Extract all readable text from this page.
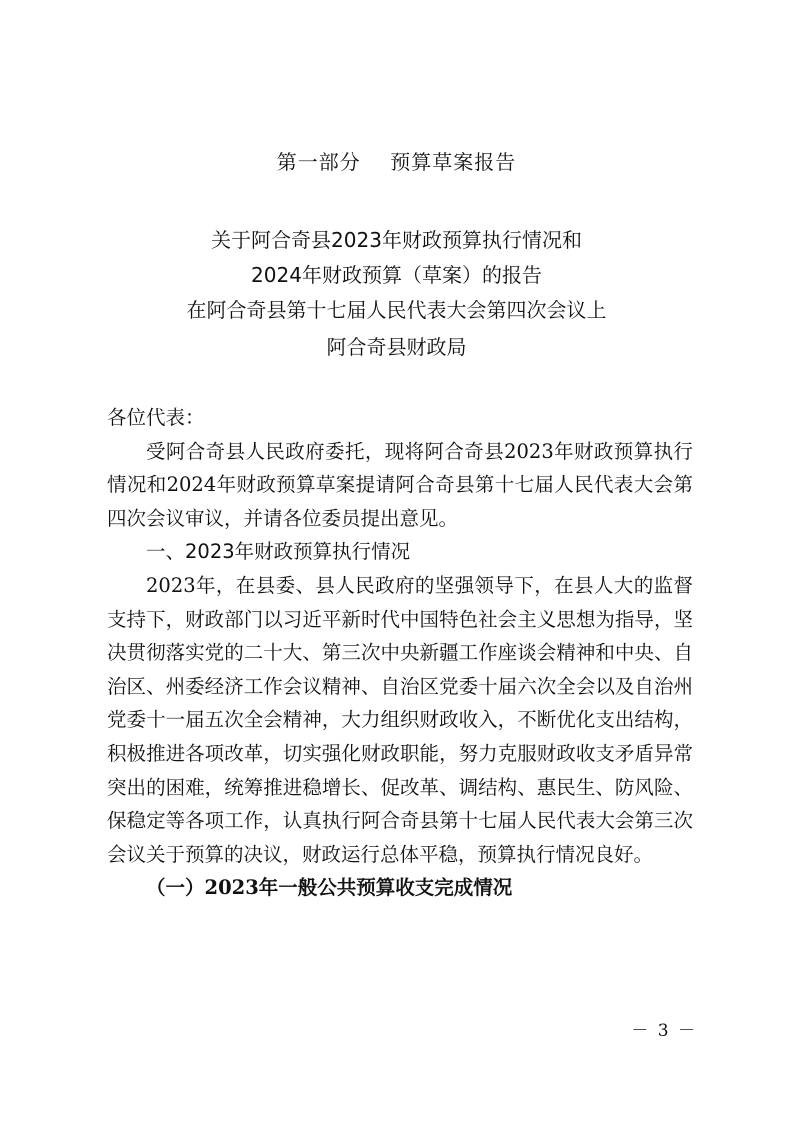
第一部分    预算草案报告
关于阿合奇县2023年财政预算执行情况和
2024年财政预算（草案）的报告
在阿合奇县第十七届人民代表大会第四次会议上
阿合奇县财政局

各位代表：

受阿合奇县人民政府委托，现将阿合奇县2023年财政预算执行情况和2024年财政预算草案提请阿合奇县第十七届人民代表大会第四次会议审议，并请各位委员提出意见。

一、2023年财政预算执行情况

2023年，在县委、县人民政府的坚强领导下，在县人大的监督支持下，财政部门以习近平新时代中国特色社会主义思想为指导，坚决贯彻落实党的二十大、第三次中央新疆工作座谈会精神和中央、自治区、州委经济工作会议精神、自治区党委十届六次全会以及自治州党委十一届五次全会精神，大力组织财政收入，不断优化支出结构，积极推进各项改革，切实强化财政职能，努力克服财政收支矛盾异常突出的困难，统筹推进稳增长、促改革、调结构、惠民生、防风险、保稳定等各项工作，认真执行阿合奇县第十七届人民代表大会第三次会议关于预算的决议，财政运行总体平稳，预算执行情况良好。

（一）2023年一般公共预算收支完成情况

－ 3 －
